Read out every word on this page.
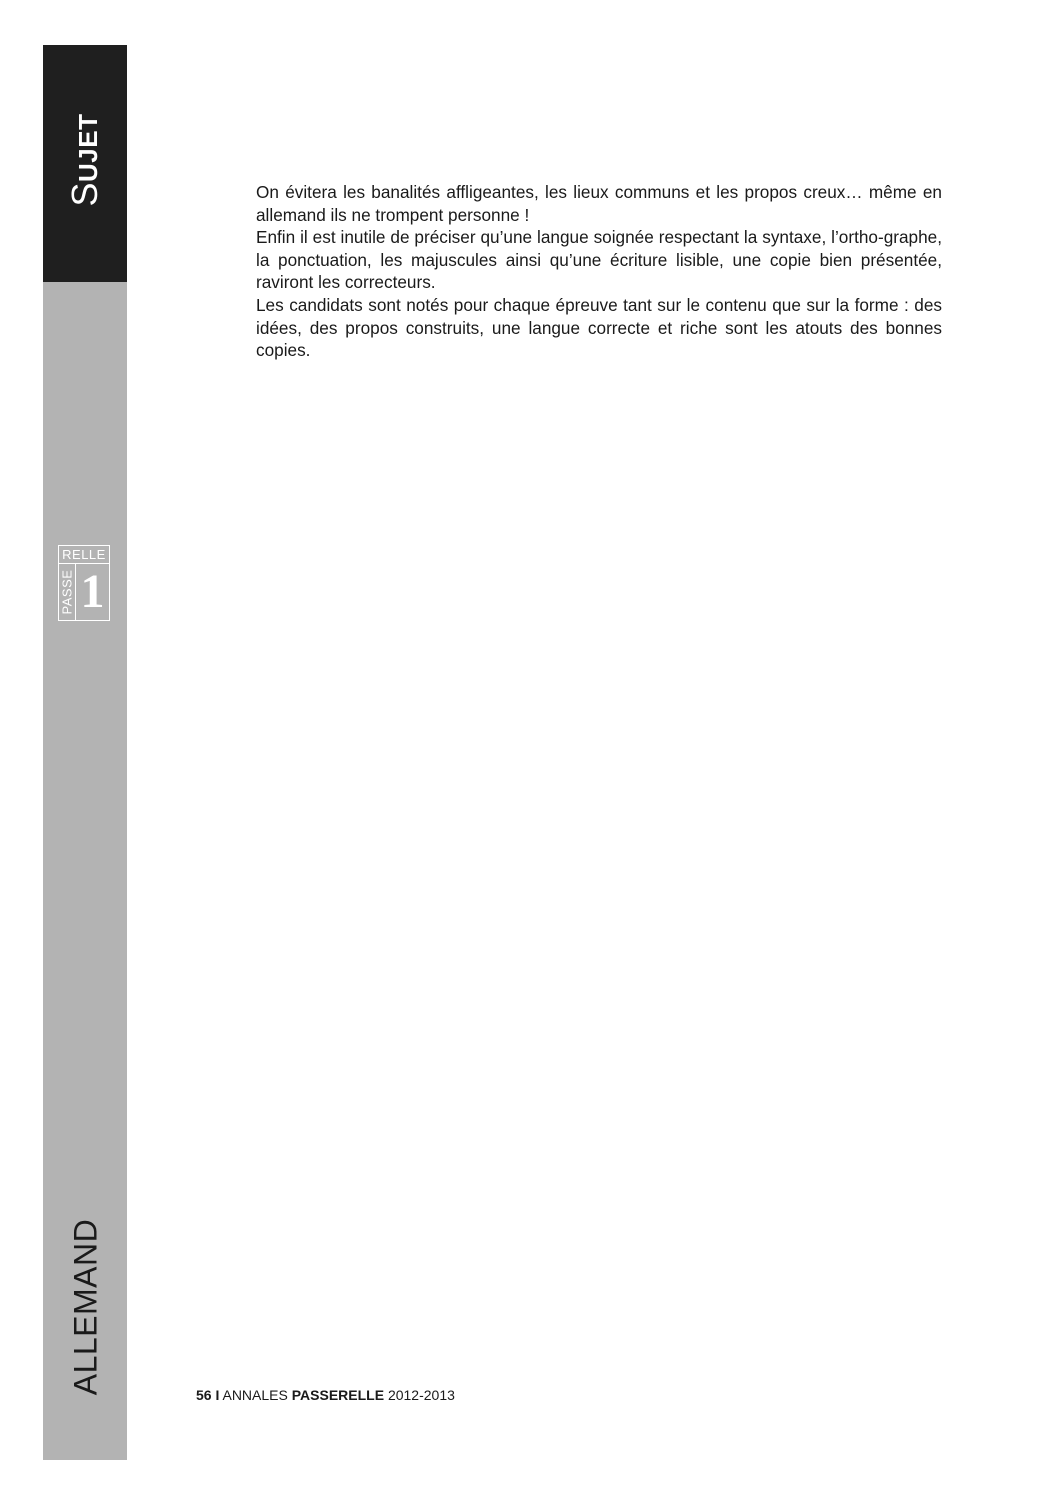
SUJET
RELLE
PASSE 1
ALLEMAND

On évitera les banalités affligeantes, les lieux communs et les propos creux… même en allemand ils ne trompent personne !

Enfin il est inutile de préciser qu’une langue soignée respectant la syntaxe, l’ortho-graphe, la ponctuation, les majuscules ainsi qu’une écriture lisible, une copie bien présentée, raviront les correcteurs.

Les candidats sont notés pour chaque épreuve tant sur le contenu que sur la forme : des idées, des propos construits, une langue correcte et riche sont les atouts des bonnes copies.

56 I ANNALES PASSERELLE 2012-2013
